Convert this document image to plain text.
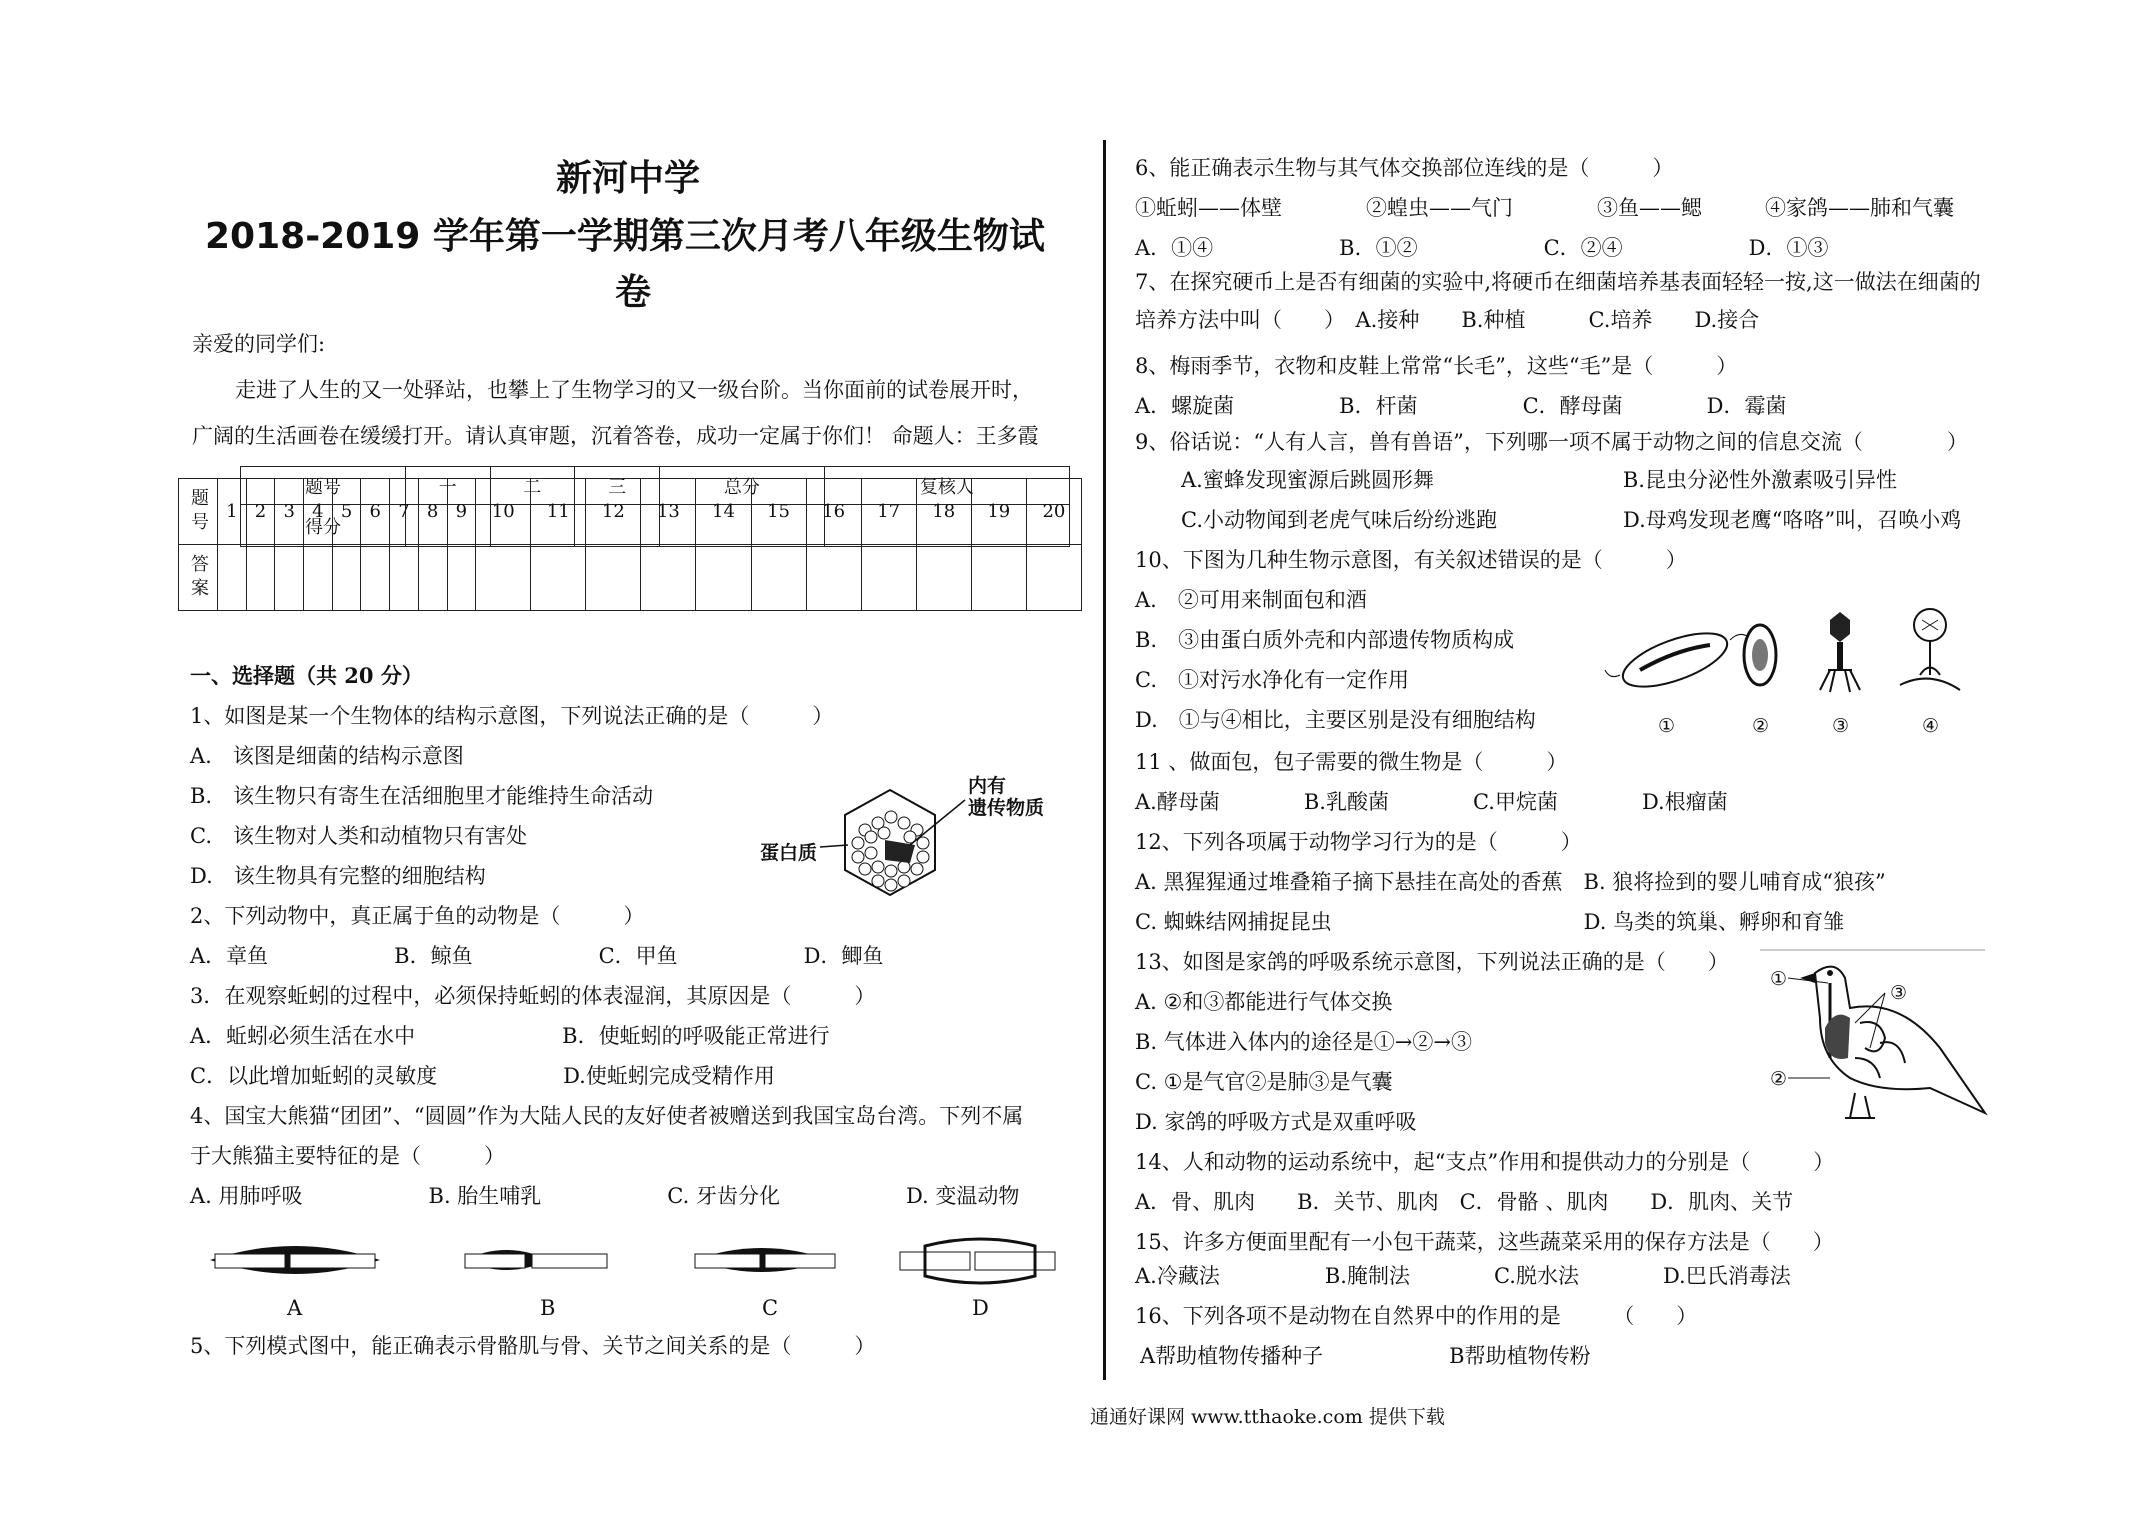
新河中学
2018-2019 学年第一学期第三次月考八年级生物试
卷
亲爱的同学们:
走进了人生的又一处驿站，也攀上了生物学习的又一级台阶。当你面前的试卷展开时，
广阔的生活画卷在缓缓打开。请认真审题，沉着答卷，成功一定属于你们！ 命题人：王多霞
题号	一	二	三	总分	复核人
得分					
题号	1	2	3	4	5	6	7	8	9	10	11	12	13	14	15	16	17	18	19	20
答案																				
一、选择题（共 20 分）
1、如图是某一个生物体的结构示意图，下列说法正确的是（　　　）
A.　该图是细菌的结构示意图
B.　该生物只有寄生在活细胞里才能维持生命活动
C.　该生物对人类和动植物只有害处
D.　该生物具有完整的细胞结构
2、下列动物中，真正属于鱼的动物是（　　　）
A．章鱼　　　　　　B．鲸鱼　　　　　　C．甲鱼　　　　　　D．鲫鱼
3．在观察蚯蚓的过程中，必须保持蚯蚓的体表湿润，其原因是（　　　）
A．蚯蚓必须生活在水中　　　　　　　B．使蚯蚓的呼吸能正常进行
C．以此增加蚯蚓的灵敏度　　　　　　D.使蚯蚓完成受精作用
4、国宝大熊猫“团团”、“圆圆”作为大陆人民的友好使者被赠送到我国宝岛台湾。下列不属
于大熊猫主要特征的是（　　　）
A. 用肺呼吸　　　　　　B. 胎生哺乳　　　　　　C. 牙齿分化　　　　　　D. 变温动物
内有
遗传物质
蛋白质
A	B	C	D
5、下列模式图中，能正确表示骨骼肌与骨、关节之间关系的是（　　　）
6、能正确表示生物与其气体交换部位连线的是（　　　）
①蚯蚓——体壁　　　　②蝗虫——气门　　　　③鱼——鳃　　　④家鸽——肺和气囊
A．①④　　　　　　B．①②　　　　　　C．②④　　　　　　D．①③
7、在探究硬币上是否有细菌的实验中,将硬币在细菌培养基表面轻轻一按,这一做法在细菌的
培养方法中叫（　　）　A.接种　　B.种植　　　C.培养　　D.接合
8、梅雨季节，衣物和皮鞋上常常“长毛”，这些“毛”是（　　　）
A．螺旋菌　　　　　B．杆菌　　　　　C．酵母菌　　　　D．霉菌
9、俗话说：“人有人言，兽有兽语”，下列哪一项不属于动物之间的信息交流（　　　　）
　A.蜜蜂发现蜜源后跳圆形舞　　　　　　　　　B.昆虫分泌性外激素吸引异性
　C.小动物闻到老虎气味后纷纷逃跑　　　　　　D.母鸡发现老鹰“咯咯”叫，召唤小鸡
10、下图为几种生物示意图，有关叙述错误的是（　　　）
A.　②可用来制面包和酒
B.　③由蛋白质外壳和内部遗传物质构成
C.　①对污水净化有一定作用
D.　①与④相比，主要区别是没有细胞结构	①	②	③	④
11 、做面包，包子需要的微生物是（　　　）
A.酵母菌　　　　B.乳酸菌　　　　C.甲烷菌　　　　D.根瘤菌
12、下列各项属于动物学习行为的是（　　　）
A. 黑猩猩通过堆叠箱子摘下悬挂在高处的香蕉　B. 狼将捡到的婴儿哺育成“狼孩”
C. 蜘蛛结网捕捉昆虫　　　　　　　　　　　　D. 鸟类的筑巢、孵卵和育雏
13、如图是家鸽的呼吸系统示意图，下列说法正确的是（　　）
A. ②和③都能进行气体交换
B. 气体进入体内的途径是①→②→③
C. ①是气官②是肺③是气囊
D. 家鸽的呼吸方式是双重呼吸
①
②
③
14、人和动物的运动系统中，起“支点”作用和提供动力的分别是（　　　）
A．骨、肌肉　　B．关节、肌肉　C．骨骼 、肌肉　　D．肌肉、关节
15、许多方便面里配有一小包干蔬菜，这些蔬菜采用的保存方法是（　　）
A.冷藏法　　　　　B.腌制法　　　　C.脱水法　　　　D.巴氏消毒法
16、下列各项不是动物在自然界中的作用的是　　　（　　）
A帮助植物传播种子　　　　　　B帮助植物传粉
通通好课网 www.tthaoke.com 提供下载
